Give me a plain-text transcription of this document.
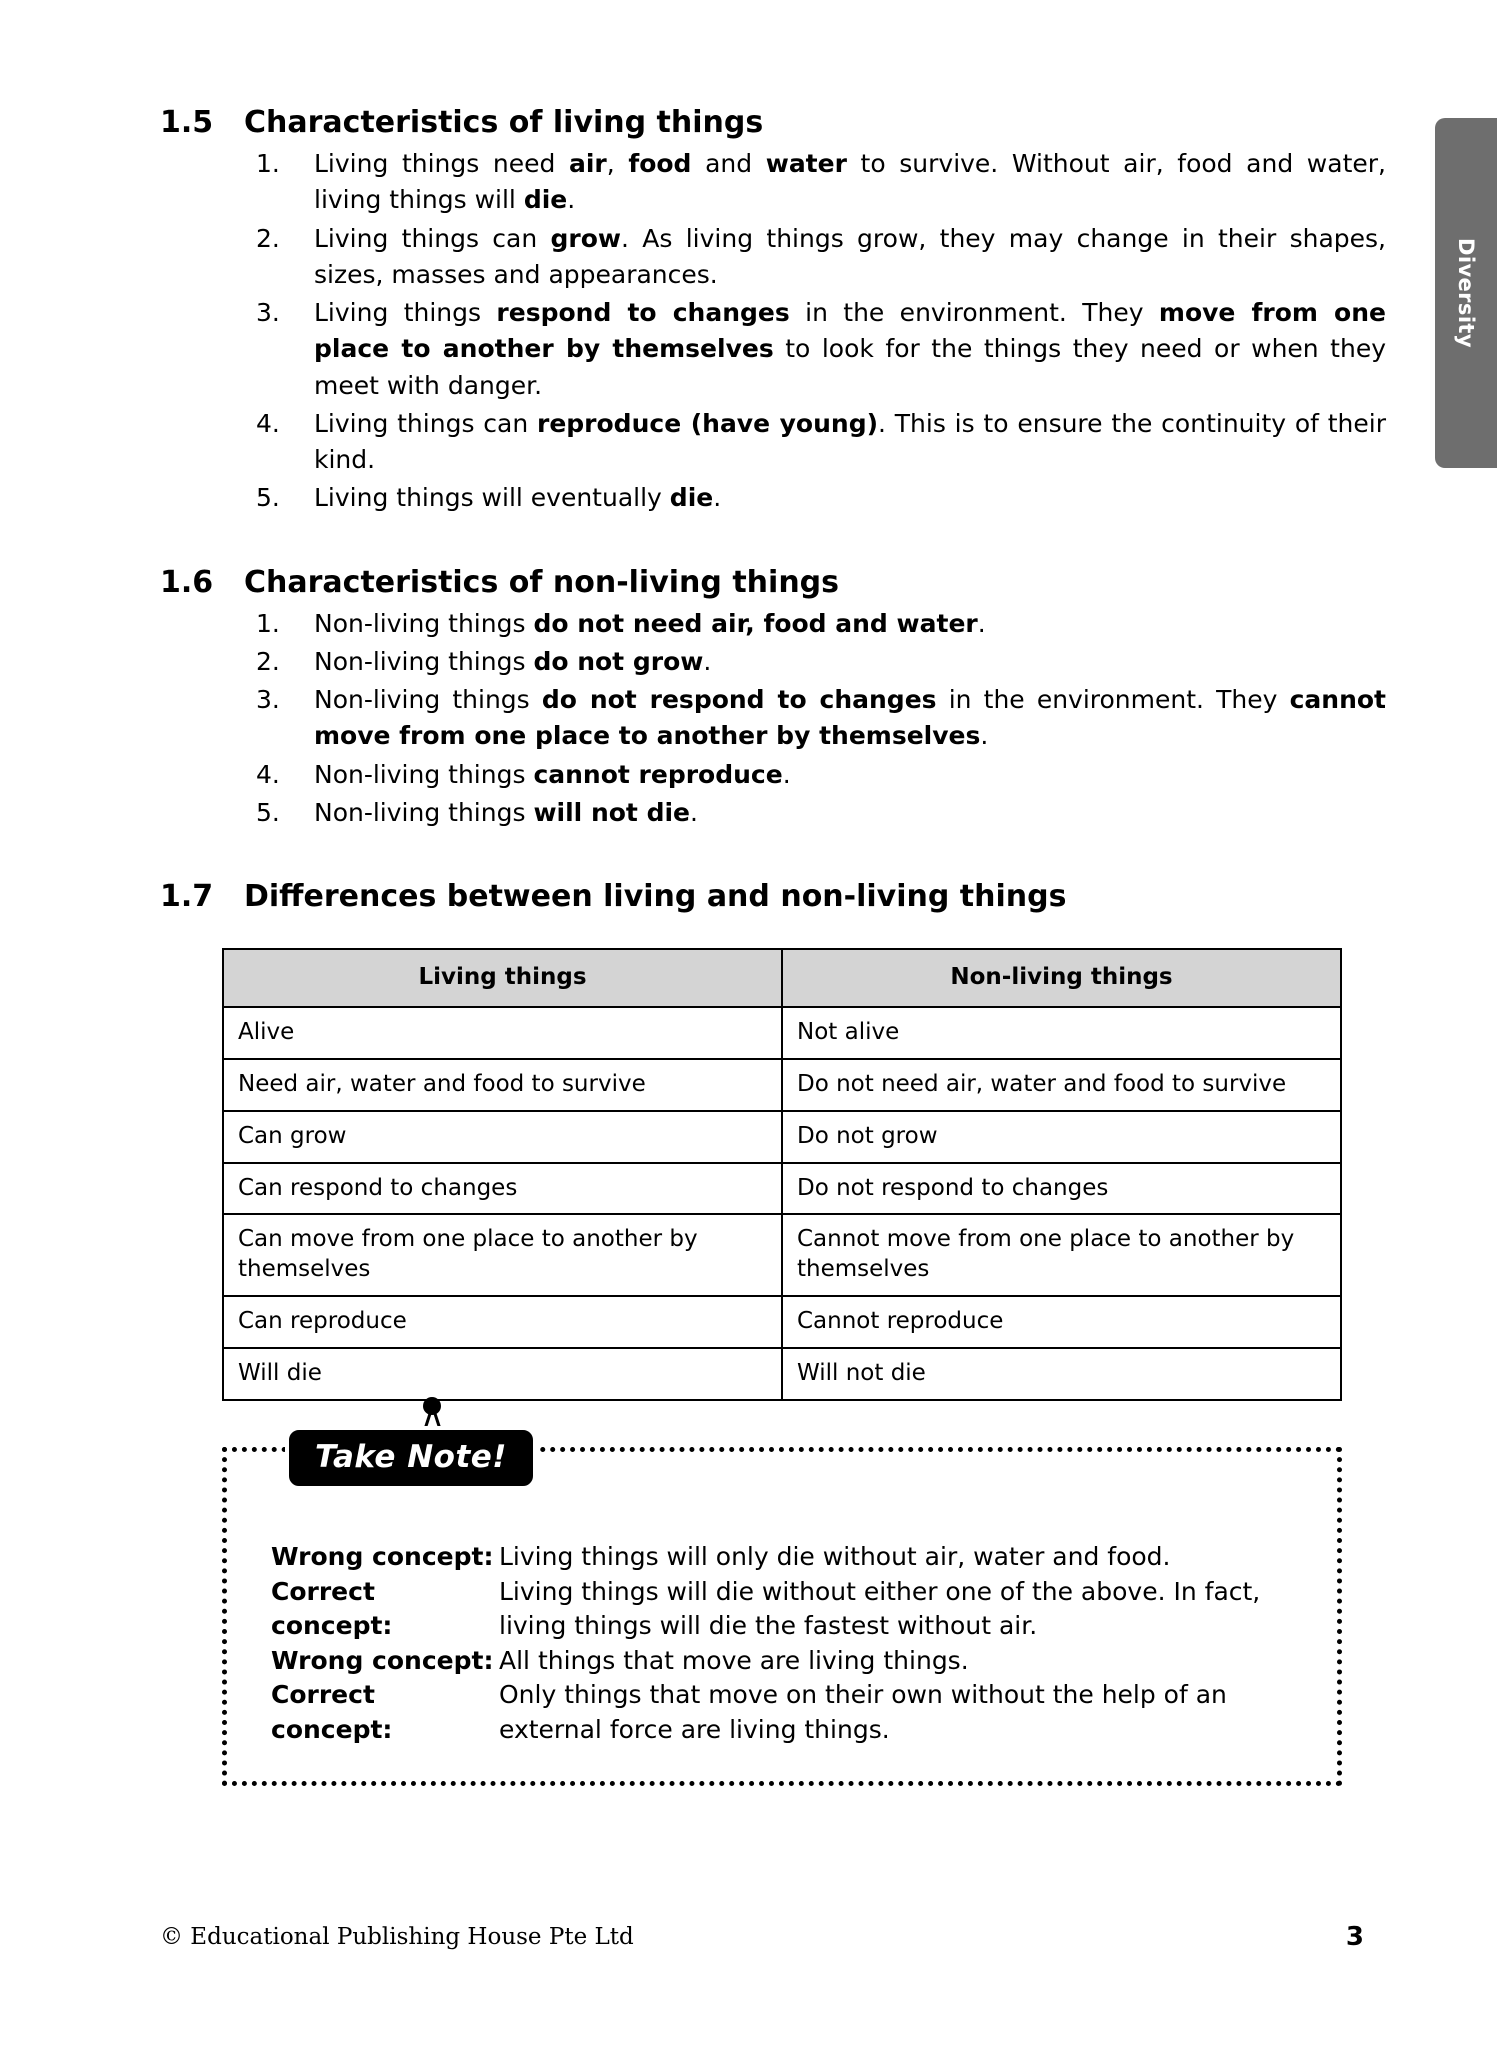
Diversity
1.5	Characteristics of living things
1.	Living things need air, food and water to survive. Without air, food and water, living things will die.
2.	Living things can grow. As living things grow, they may change in their shapes, sizes, masses and appearances.
3.	Living things respond to changes in the environment. They move from one place to another by themselves to look for the things they need or when they meet with danger.
4.	Living things can reproduce (have young). This is to ensure the continuity of their kind.
5.	Living things will eventually die.
1.6	Characteristics of non-living things
1.	Non-living things do not need air, food and water.
2.	Non-living things do not grow.
3.	Non-living things do not respond to changes in the environment. They cannot move from one place to another by themselves.
4.	Non-living things cannot reproduce.
5.	Non-living things will not die.
1.7	Differences between living and non-living things
Living things	Non-living things
Alive	Not alive
Need air, water and food to survive	Do not need air, water and food to survive
Can grow	Do not grow
Can respond to changes	Do not respond to changes
Can move from one place to another by themselves	Cannot move from one place to another by themselves
Can reproduce	Cannot reproduce
Will die	Will not die
Take Note!
Wrong concept: Living things will only die without air, water and food.
Correct concept:
Living things will die without either one of the above. In fact, living things will die the fastest without air.
Wrong concept: All things that move are living things.
Correct concept:
Only things that move on their own without the help of an external force are living things.
© Educational Publishing House Pte Ltd	3
